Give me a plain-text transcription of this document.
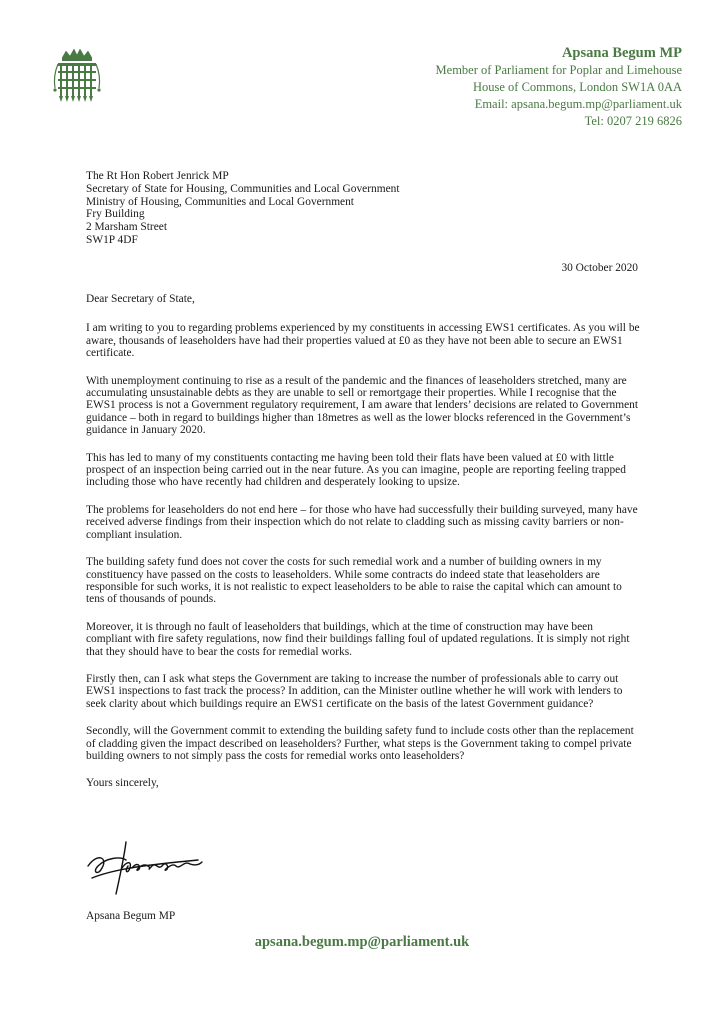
Apsana Begum MP
Member of Parliament for Poplar and Limehouse
House of Commons, London SW1A 0AA
Email: apsana.begum.mp@parliament.uk
Tel: 0207 219 6826
The Rt Hon Robert Jenrick MP
Secretary of State for Housing, Communities and Local Government
Ministry of Housing, Communities and Local Government
Fry Building
2 Marsham Street
SW1P 4DF
30 October 2020

Dear Secretary of State,

I am writing to you to regarding problems experienced by my constituents in accessing EWS1 certificates. As you will be aware, thousands of leaseholders have had their properties valued at £0 as they have not been able to secure an EWS1 certificate.

With unemployment continuing to rise as a result of the pandemic and the finances of leaseholders stretched, many are accumulating unsustainable debts as they are unable to sell or remortgage their properties. While I recognise that the EWS1 process is not a Government regulatory requirement, I am aware that lenders’ decisions are related to Government guidance – both in regard to buildings higher than 18metres as well as the lower blocks referenced in the Government’s guidance in January 2020.

This has led to many of my constituents contacting me having been told their flats have been valued at £0 with little prospect of an inspection being carried out in the near future. As you can imagine, people are reporting feeling trapped including those who have recently had children and desperately looking to upsize.

The problems for leaseholders do not end here – for those who have had successfully their building surveyed, many have received adverse findings from their inspection which do not relate to cladding such as missing cavity barriers or non-compliant insulation.

The building safety fund does not cover the costs for such remedial work and a number of building owners in my constituency have passed on the costs to leaseholders. While some contracts do indeed state that leaseholders are responsible for such works, it is not realistic to expect leaseholders to be able to raise the capital which can amount to tens of thousands of pounds.

Moreover, it is through no fault of leaseholders that buildings, which at the time of construction may have been compliant with fire safety regulations, now find their buildings falling foul of updated regulations. It is simply not right that they should have to bear the costs for remedial works.

Firstly then, can I ask what steps the Government are taking to increase the number of professionals able to carry out EWS1 inspections to fast track the process? In addition, can the Minister outline whether he will work with lenders to seek clarity about which buildings require an EWS1 certificate on the basis of the latest Government guidance?

Secondly, will the Government commit to extending the building safety fund to include costs other than the replacement of cladding given the impact described on leaseholders? Further, what steps is the Government taking to compel private building owners to not simply pass the costs for remedial works onto leaseholders?

Yours sincerely,

Apsana Begum MP
apsana.begum.mp@parliament.uk
